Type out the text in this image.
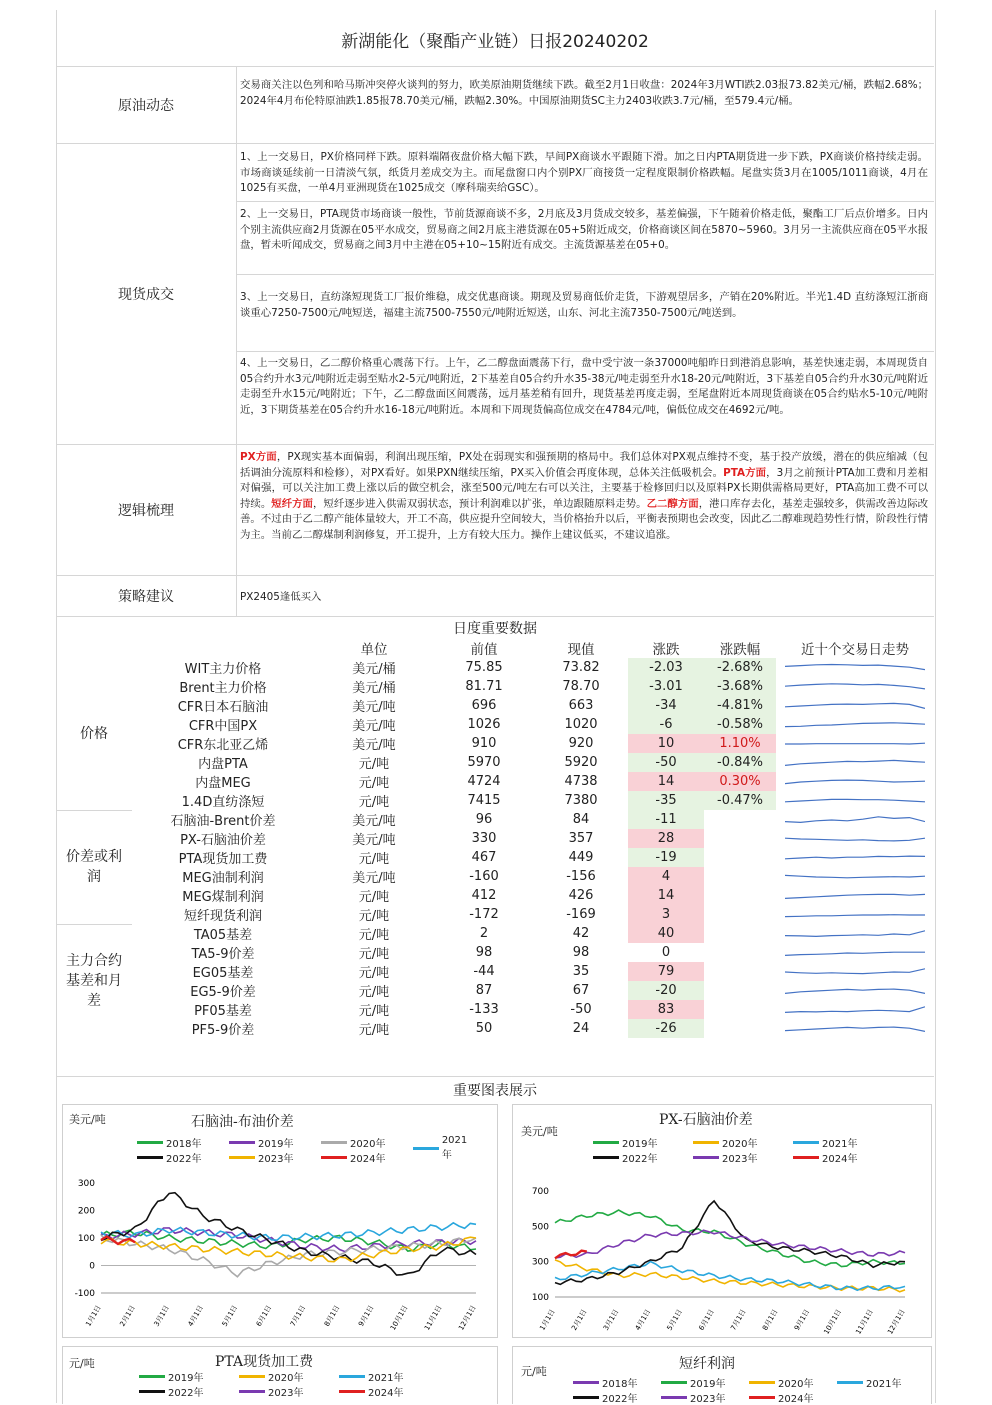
新湖能化（聚酯产业链）日报20240202
原油动态
交易商关注以色列和哈马斯冲突停火谈判的努力，欧美原油期货继续下跌。截至2月1日收盘：2024年3月WTI跌2.03报73.82美元/桶，跌幅2.68%；2024年4月布伦特原油跌1.85报78.70美元/桶，跌幅2.30%。中国原油期货SC主力2403收跌3.7元/桶，至579.4元/桶。
现货成交
1、上一交易日，PX价格同样下跌。原料端隔夜盘价格大幅下跌，早间PX商谈水平跟随下滑。加之日内PTA期货进一步下跌，PX商谈价格持续走弱。市场商谈延续前一日清淡气氛，纸货月差成交为主。而尾盘窗口内个别PX厂商接货一定程度限制价格跌幅。尾盘实货3月在1005/1011商谈，4月在1025有买盘，一单4月亚洲现货在1025成交（摩科瑞卖给GSC）。
2、上一交易日，PTA现货市场商谈一般性，节前货源商谈不多，2月底及3月货成交较多，基差偏强，下午随着价格走低，聚酯工厂后点价增多。日内个别主流供应商2月货源在05平水成交，贸易商之间2月底主港货源在05+5附近成交，价格商谈区间在5870~5960。3月另一主流供应商在05平水报盘，暂未听闻成交，贸易商之间3月中主港在05+10~15附近有成交。主流货源基差在05+0。
3、上一交易日，直纺涤短现货工厂报价维稳，成交优惠商谈。期现及贸易商低价走货，下游观望居多，产销在20%附近。半光1.4D 直纺涤短江浙商谈重心7250-7500元/吨短送，福建主流7500-7550元/吨附近短送，山东、河北主流7350-7500元/吨送到。
4、上一交易日，乙二醇价格重心震荡下行。上午，乙二醇盘面震荡下行，盘中受宁波一条37000吨船昨日到港消息影响，基差快速走弱，本周现货自05合约升水3元/吨附近走弱至贴水2-5元/吨附近，2下基差自05合约升水35-38元/吨走弱至升水18-20元/吨附近，3下基差自05合约升水30元/吨附近走弱至升水15元/吨附近；下午，乙二醇盘面区间震荡，远月基差稍有回升，现货基差再度走弱，至尾盘附近本周现货商谈在05合约贴水5-10元/吨附近，3下期货基差在05合约升水16-18元/吨附近。本周和下周现货偏高位成交在4784元/吨，偏低位成交在4692元/吨。
逻辑梳理
PX方面，PX现实基本面偏弱，利润出现压缩，PX处在弱现实和强预期的格局中。我们总体对PX观点维持不变，基于投产放缓，潜在的供应缩减（包括调油分流原料和检修），对PX看好。如果PXN继续压缩，PX买入价值会再度体现，总体关注低吸机会。PTA方面，3月之前预计PTA加工费和月差相对偏强，可以关注加工费上涨以后的做空机会，涨至500元/吨左右可以关注，主要基于检修回归以及原料PX长期供需格局更好，PTA高加工费不可以持续。短纤方面，短纤逐步进入供需双弱状态，预计利润难以扩张，单边跟随原料走势。乙二醇方面，港口库存去化，基差走强较多，供需改善边际改善。不过由于乙二醇产能体量较大，开工不高，供应提升空间较大，当价格抬升以后，平衡表预期也会改变，因此乙二醇难现趋势性行情，阶段性行情为主。当前乙二醇煤制利润修复，开工提升，上方有较大压力。操作上建议低买，不建议追涨。
策略建议	PX2405逢低买入
日度重要数据
		单位	前值	现值	涨跌	涨跌幅	近十个交易日走势
价格	WIT主力价格	美元/桶	75.85	73.82	-2.03	-2.68%	

	Brent主力价格	美元/桶	81.71	78.70	-3.01	-3.68%	

	CFR日本石脑油	美元/吨	696	663	-34	-4.81%	

	CFR中国PX	美元/吨	1026	1020	-6	-0.58%	

	CFR东北亚乙烯	美元/吨	910	920	10	1.10%	

	内盘PTA	元/吨	5970	5920	-50	-0.84%	

	内盘MEG	元/吨	4724	4738	14	0.30%	

	1.4D直纺涤短	元/吨	7415	7380	-35	-0.47%	

价差或利润	石脑油-Brent价差	美元/吨	96	84	-11		

	PX-石脑油价差	美元/吨	330	357	28		

	PTA现货加工费	元/吨	467	449	-19		

	MEG油制利润	美元/吨	-160	-156	4		

	MEG煤制利润	元/吨	412	426	14		

	短纤现货利润	元/吨	-172	-169	3		

主力合约基差和月差	TA05基差	元/吨	2	42	40		

	TA5-9价差	元/吨	98	98	0		

	EG05基差	元/吨	-44	35	79		

	EG5-9价差	元/吨	87	67	-20		

	PF05基差	元/吨	-133	-50	83		

	PF5-9价差	元/吨	50	24	-26		
重要图表展示
美元/吨	石脑油-布油价差
2018年	2019年	2020年	2021年
2022年	2023年	2024年
300
200
100
0
-100
1月1日 2月1日 3月1日 4月1日 5月1日 6月1日 7月1日 8月1日 9月1日 10月1日 11月1日 12月1日
美元/吨
PX-石脑油价差
2019年	2020年	2021年
2022年	2023年	2024年
700
500
300
100
1月1日 2月1日 3月1日 4月1日 5月1日 6月1日 7月1日 8月1日 9月1日 10月1日 11月1日 12月1日
元/吨	PTA现货加工费
2019年	2020年	2021年
2022年	2023年	2024年
元/吨	短纤利润
2018年	2019年	2020年	2021年
2022年	2023年	2024年
